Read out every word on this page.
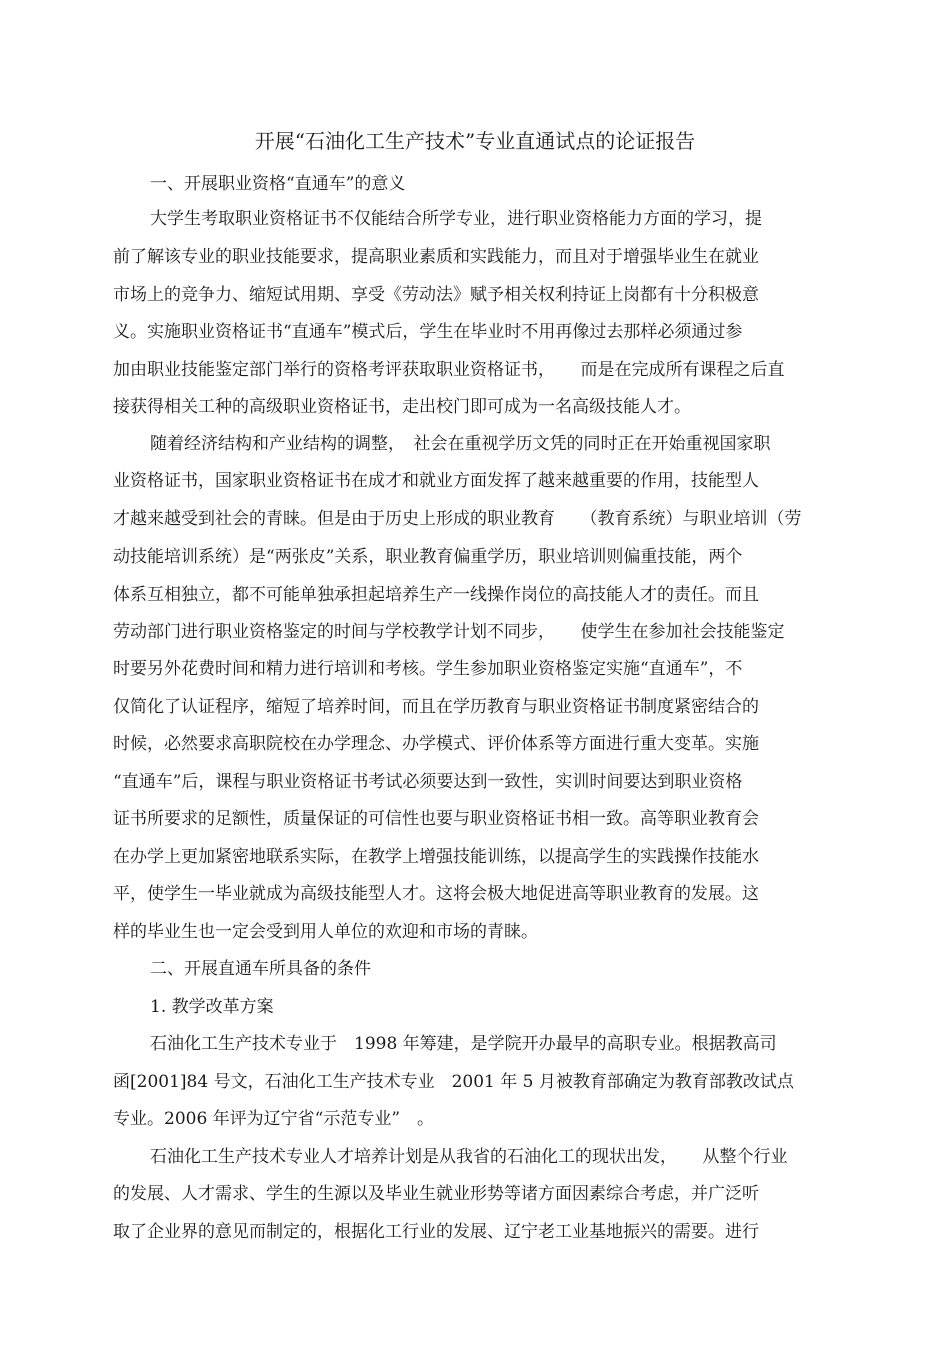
开展“石油化工生产技术”专业直通试点的论证报告
一、开展职业资格“直通车”的意义
大学生考取职业资格证书不仅能结合所学专业，进行职业资格能力方面的学习，提
前了解该专业的职业技能要求，提高职业素质和实践能力，而且对于增强毕业生在就业
市场上的竞争力、缩短试用期、享受《劳动法》赋予相关权利持证上岗都有十分积极意
义。实施职业资格证书“直通车”模式后，学生在毕业时不用再像过去那样必须通过参
加由职业技能鉴定部门举行的资格考评获取职业资格证书，　　而是在完成所有课程之后直
接获得相关工种的高级职业资格证书，走出校门即可成为一名高级技能人才。
随着经济结构和产业结构的调整，　社会在重视学历文凭的同时正在开始重视国家职
业资格证书，国家职业资格证书在成才和就业方面发挥了越来越重要的作用，技能型人
才越来越受到社会的青睐。但是由于历史上形成的职业教育　　（教育系统）与职业培训（劳
动技能培训系统）是“两张皮”关系，职业教育偏重学历，职业培训则偏重技能，两个
体系互相独立，都不可能单独承担起培养生产一线操作岗位的高技能人才的责任。而且
劳动部门进行职业资格鉴定的时间与学校教学计划不同步，　　使学生在参加社会技能鉴定
时要另外花费时间和精力进行培训和考核。学生参加职业资格鉴定实施“直通车”，不
仅简化了认证程序，缩短了培养时间，而且在学历教育与职业资格证书制度紧密结合的
时候，必然要求高职院校在办学理念、办学模式、评价体系等方面进行重大变革。实施
“直通车”后，课程与职业资格证书考试必须要达到一致性，实训时间要达到职业资格
证书所要求的足额性，质量保证的可信性也要与职业资格证书相一致。高等职业教育会
在办学上更加紧密地联系实际，在教学上增强技能训练，以提高学生的实践操作技能水
平，使学生一毕业就成为高级技能型人才。这将会极大地促进高等职业教育的发展。这
样的毕业生也一定会受到用人单位的欢迎和市场的青睐。
二、开展直通车所具备的条件
1. 教学改革方案
石油化工生产技术专业于　1998 年筹建，是学院开办最早的高职专业。根据教高司
函[2001]84 号文，石油化工生产技术专业　2001 年 5 月被教育部确定为教育部教改试点
专业。2006 年评为辽宁省“示范专业”　。
石油化工生产技术专业人才培养计划是从我省的石油化工的现状出发，　　从整个行业
的发展、人才需求、学生的生源以及毕业生就业形势等诸方面因素综合考虑，并广泛听
取了企业界的意见而制定的，根据化工行业的发展、辽宁老工业基地振兴的需要。进行
